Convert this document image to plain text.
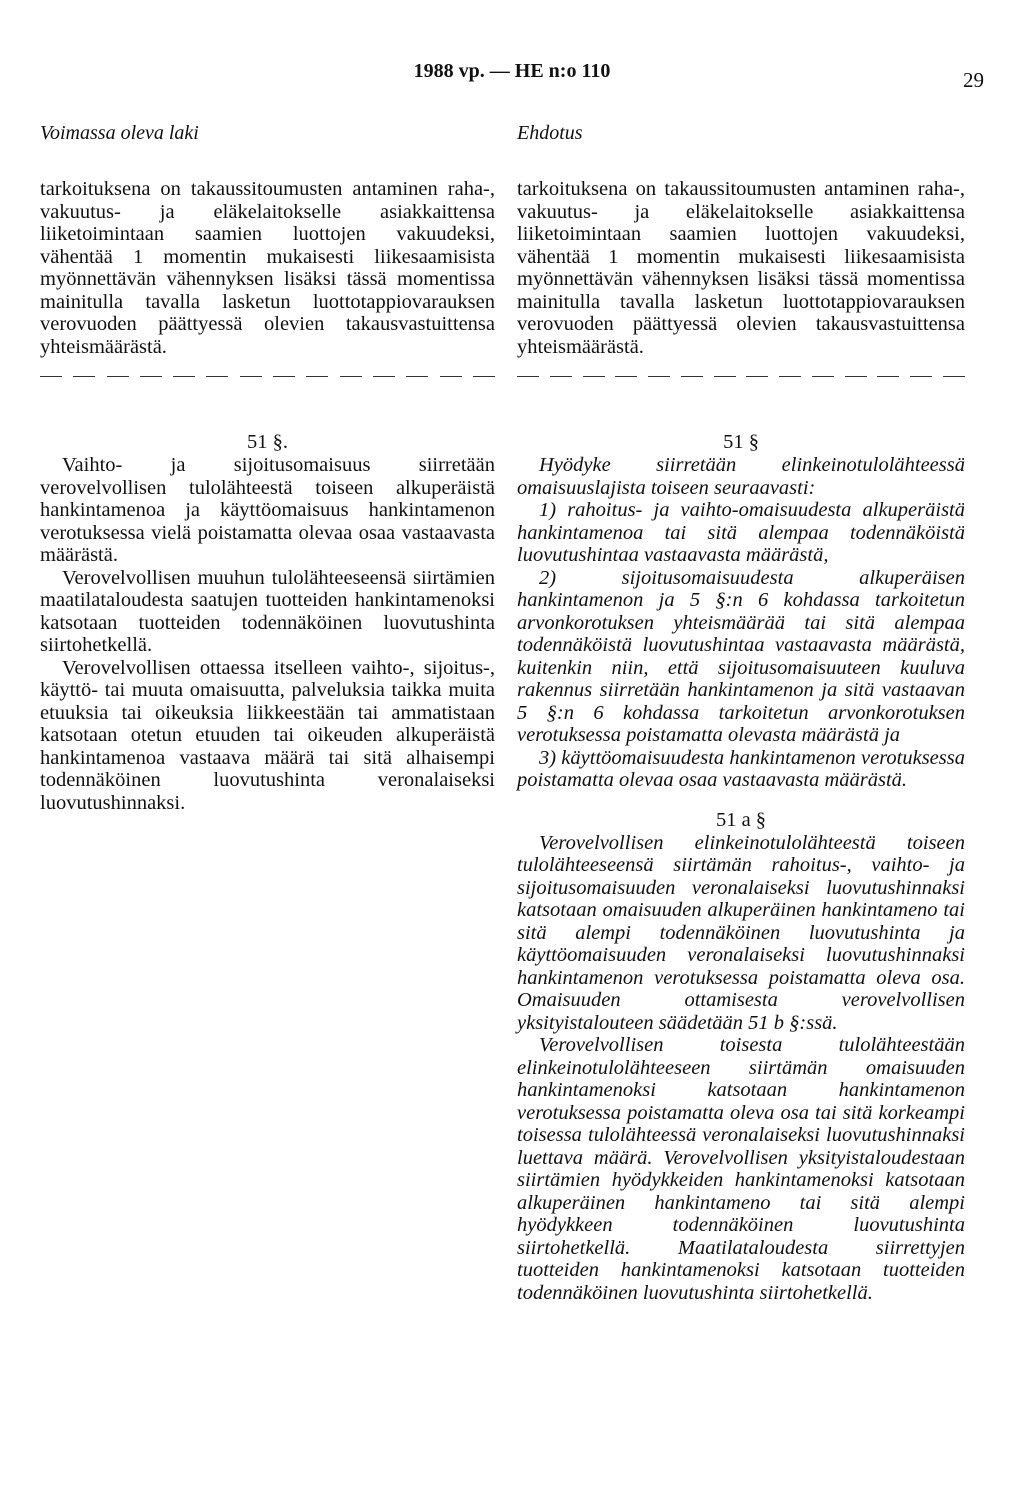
1988 vp. — HE n:o 110	29
Voimassa oleva laki

tarkoituksena on takaussitoumusten antaminen raha-, vakuutus- ja eläkelaitokselle asiakkaittensa liiketoimintaan saamien luottojen vakuudeksi, vähentää 1 momentin mukaisesti liikesaamisista myönnettävän vähennyksen lisäksi tässä momentissa mainitulla tavalla lasketun luottotappiovarauksen verovuoden päättyessä olevien takausvastuittensa yhteismäärästä.

51 §.

Vaihto- ja sijoitusomaisuus siirretään verovelvollisen tulolähteestä toiseen alkuperäistä hankintamenoa ja käyttöomaisuus hankintamenon verotuksessa vielä poistamatta olevaa osaa vastaavasta määrästä.

Verovelvollisen muuhun tulolähteeseensä siirtämien maatilataloudesta saatujen tuotteiden hankintamenoksi katsotaan tuotteiden todennäköinen luovutushinta siirtohetkellä.

Verovelvollisen ottaessa itselleen vaihto-, sijoitus-, käyttö- tai muuta omaisuutta, palveluksia taikka muita etuuksia tai oikeuksia liikkeestään tai ammatistaan katsotaan otetun etuuden tai oikeuden alkuperäistä hankintamenoa vastaava määrä tai sitä alhaisempi todennäköinen luovutushinta veronalaiseksi luovutushinnaksi.

Ehdotus

tarkoituksena on takaussitoumusten antaminen raha-, vakuutus- ja eläkelaitokselle asiakkaittensa liiketoimintaan saamien luottojen vakuudeksi, vähentää 1 momentin mukaisesti liikesaamisista myönnettävän vähennyksen lisäksi tässä momentissa mainitulla tavalla lasketun luottotappiovarauksen verovuoden päättyessä olevien takausvastuittensa yhteismäärästä.

51 §

Hyödyke siirretään elinkeinotulolähteessä omaisuuslajista toiseen seuraavasti:

1) rahoitus- ja vaihto-omaisuudesta alkuperäistä hankintamenoa tai sitä alempaa todennäköistä luovutushintaa vastaavasta määrästä,

2) sijoitusomaisuudesta alkuperäisen hankintamenon ja 5 §:n 6 kohdassa tarkoitetun arvonkorotuksen yhteismäärää tai sitä alempaa todennäköistä luovutushintaa vastaavasta määrästä, kuitenkin niin, että sijoitusomaisuuteen kuuluva rakennus siirretään hankintamenon ja sitä vastaavan 5 §:n 6 kohdassa tarkoitetun arvonkorotuksen verotuksessa poistamatta olevasta määrästä ja

3) käyttöomaisuudesta hankintamenon verotuksessa poistamatta olevaa osaa vastaavasta määrästä.

51 a §

Verovelvollisen elinkeinotulolähteestä toiseen tulolähteeseensä siirtämän rahoitus-, vaihto- ja sijoitusomaisuuden veronalaiseksi luovutushinnaksi katsotaan omaisuuden alkuperäinen hankintameno tai sitä alempi todennäköinen luovutushinta ja käyttöomaisuuden veronalaiseksi luovutushinnaksi hankintamenon verotuksessa poistamatta oleva osa. Omaisuuden ottamisesta verovelvollisen yksityistalouteen säädetään 51 b §:ssä.

Verovelvollisen toisesta tulolähteestään elinkeinotulolähteeseen siirtämän omaisuuden hankintamenoksi katsotaan hankintamenon verotuksessa poistamatta oleva osa tai sitä korkeampi toisessa tulolähteessä veronalaiseksi luovutushinnaksi luettava määrä. Verovelvollisen yksityistaloudestaan siirtämien hyödykkeiden hankintamenoksi katsotaan alkuperäinen hankintameno tai sitä alempi hyödykkeen todennäköinen luovutushinta siirtohetkellä. Maatilataloudesta siirrettyjen tuotteiden hankintamenoksi katsotaan tuotteiden todennäköinen luovutushinta siirtohetkellä.
